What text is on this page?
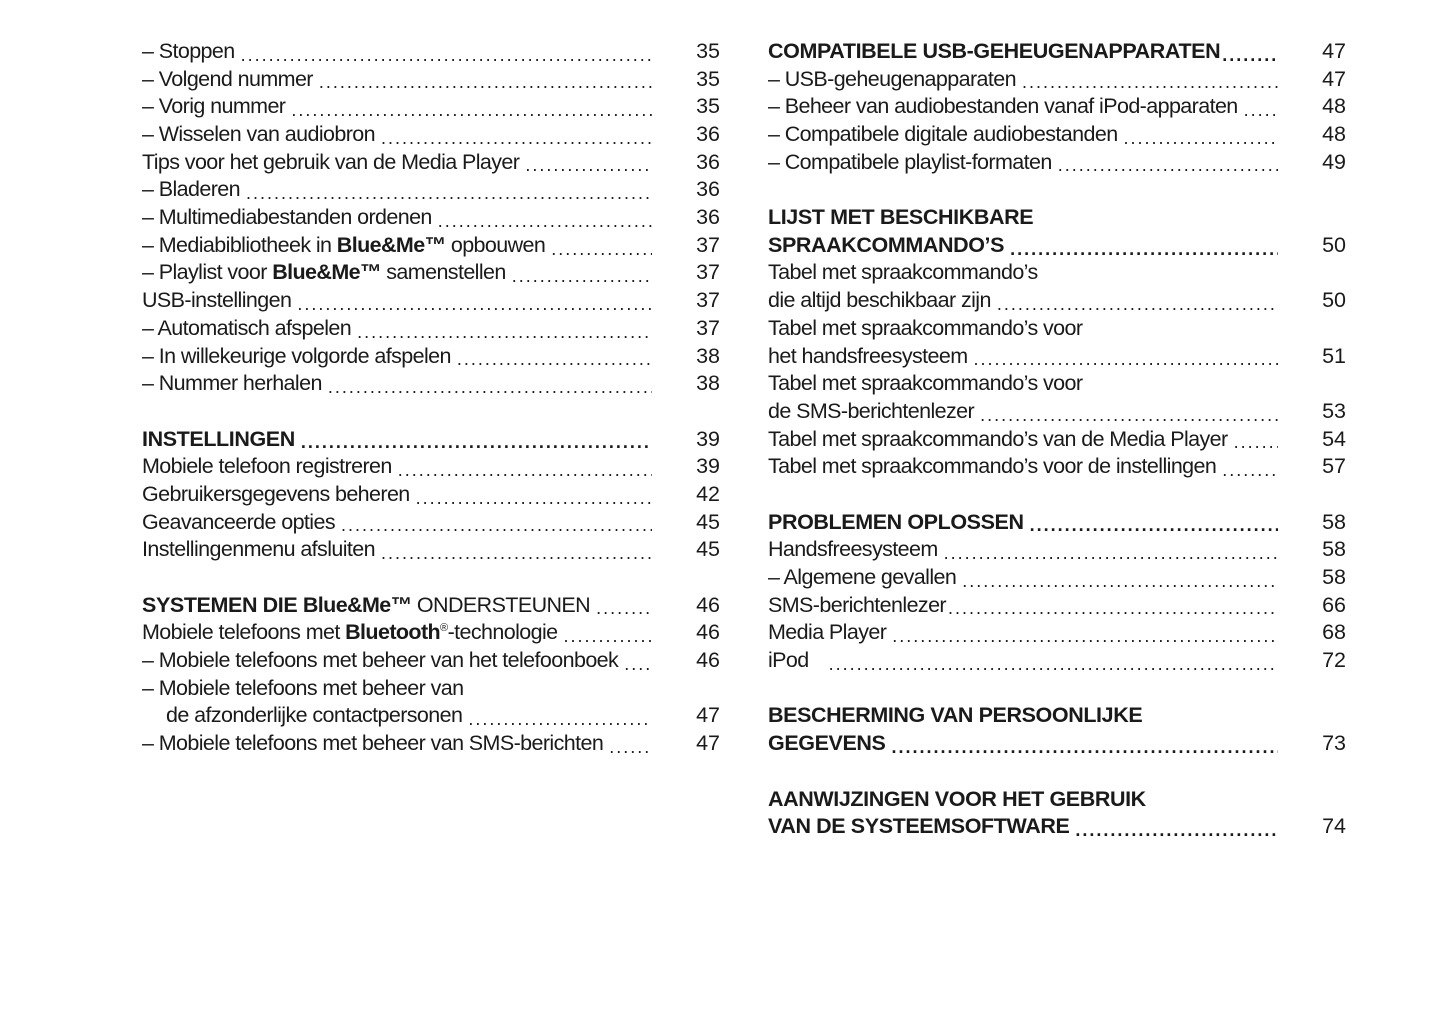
– Stoppen .....	35
– Volgend nummer .....	35
– Vorig nummer .....	35
– Wisselen van audiobron .....	36
Tips voor het gebruik van de Media Player .....	36
– Bladeren .....	36
– Multimediabestanden ordenen .....	36
– Mediabibliotheek in Blue&Me™ opbouwen .....	37
– Playlist voor Blue&Me™ samenstellen .....	37
USB-instellingen .....	37
– Automatisch afspelen .....	37
– In willekeurige volgorde afspelen .....	38
– Nummer herhalen .....	38
INSTELLINGEN .....	39
Mobiele telefoon registreren .....	39
Gebruikersgegevens beheren .....	42
Geavanceerde opties .....	45
Instellingenmenu afsluiten .....	45
SYSTEMEN DIE Blue&Me™ ONDERSTEUNEN .....	46
Mobiele telefoons met Bluetooth®-technologie .....	46
– Mobiele telefoons met beheer van het telefoonboek .....	46
– Mobiele telefoons met beheer van
de afzonderlijke contactpersonen .....	47
– Mobiele telefoons met beheer van SMS-berichten .....	47
COMPATIBELE USB-GEHEUGENAPPARATEN .....	47
– USB-geheugenapparaten .....	47
– Beheer van audiobestanden vanaf iPod-apparaten .....	48
– Compatibele digitale audiobestanden .....	48
– Compatibele playlist-formaten .....	49
LIJST MET BESCHIKBARE
SPRAAKCOMMANDO’S .....	50
Tabel met spraakcommando’s
die altijd beschikbaar zijn .....	50
Tabel met spraakcommando’s voor
het handsfreesysteem .....	51
Tabel met spraakcommando’s voor
de SMS-berichtenlezer .....	53
Tabel met spraakcommando’s van de Media Player .....	54
Tabel met spraakcommando’s voor de instellingen .....	57
PROBLEMEN OPLOSSEN .....	58
Handsfreesysteem .....	58
– Algemene gevallen .....	58
SMS-berichtenlezer .....	66
Media Player .....	68
iPod .....	72
BESCHERMING VAN PERSOONLIJKE
GEGEVENS .....	73
AANWIJZINGEN VOOR HET GEBRUIK
VAN DE SYSTEEMSOFTWARE .....	74
